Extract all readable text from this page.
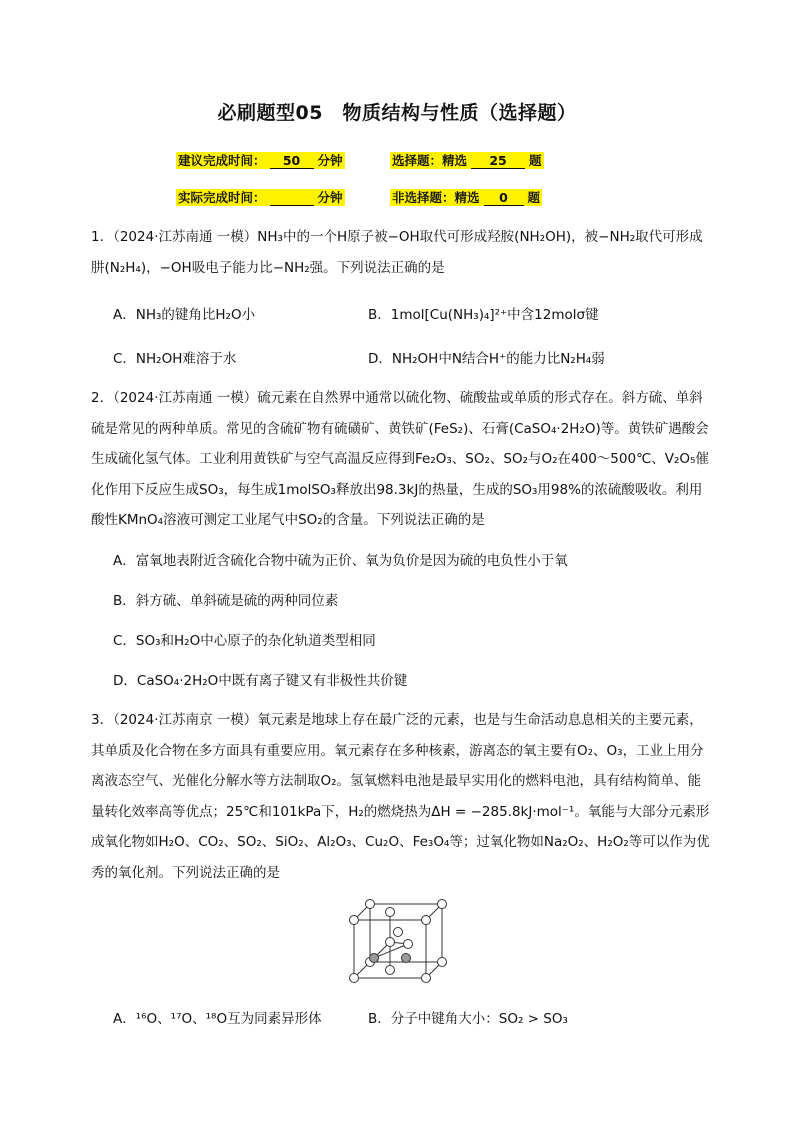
必刷题型05　物质结构与性质（选择题）
建议完成时间： 50 分钟	选择题：精选 25 题
实际完成时间：	分钟	非选择题：精选 0 题
1．（2024·江苏南通 一模）NH₃中的一个H原子被−OH取代可形成羟胺(NH₂OH)，被−NH₂取代可形成肼(N₂H₄)，−OH吸电子能力比−NH₂强。下列说法正确的是
A．NH₃的键角比H₂O小	B．1mol[Cu(NH₃)₄]²⁺中含12molσ键
C．NH₂OH难溶于水	D．NH₂OH中N结合H⁺的能力比N₂H₄弱
2．（2024·江苏南通 一模）硫元素在自然界中通常以硫化物、硫酸盐或单质的形式存在。斜方硫、单斜硫是常见的两种单质。常见的含硫矿物有硫磺矿、黄铁矿(FeS₂)、石膏(CaSO₄·2H₂O)等。黄铁矿遇酸会生成硫化氢气体。工业利用黄铁矿与空气高温反应得到Fe₂O₃、SO₂、SO₂与O₂在400～500℃、V₂O₅催化作用下反应生成SO₃，每生成1molSO₃释放出98.3kJ的热量，生成的SO₃用98%的浓硫酸吸收。利用酸性KMnO₄溶液可测定工业尾气中SO₂的含量。下列说法正确的是
A．富氧地表附近含硫化合物中硫为正价、氧为负价是因为硫的电负性小于氧
B．斜方硫、单斜硫是硫的两种同位素
C．SO₃和H₂O中心原子的杂化轨道类型相同
D．CaSO₄·2H₂O中既有离子键又有非极性共价键
3．（2024·江苏南京 一模）氧元素是地球上存在最广泛的元素，也是与生命活动息息相关的主要元素，其单质及化合物在多方面具有重要应用。氧元素存在多种核素，游离态的氧主要有O₂、O₃，工业上用分离液态空气、光催化分解水等方法制取O₂。氢氧燃料电池是最早实用化的燃料电池，具有结构简单、能量转化效率高等优点；25℃和101kPa下，H₂的燃烧热为ΔH = −285.8kJ·mol⁻¹。氧能与大部分元素形成氧化物如H₂O、CO₂、SO₂、SiO₂、Al₂O₃、Cu₂O、Fe₃O₄等；过氧化物如Na₂O₂、H₂O₂等可以作为优秀的氧化剂。下列说法正确的是
A．¹⁶O、¹⁷O、¹⁸O互为同素异形体	B．分子中键角大小：SO₂ > SO₃
